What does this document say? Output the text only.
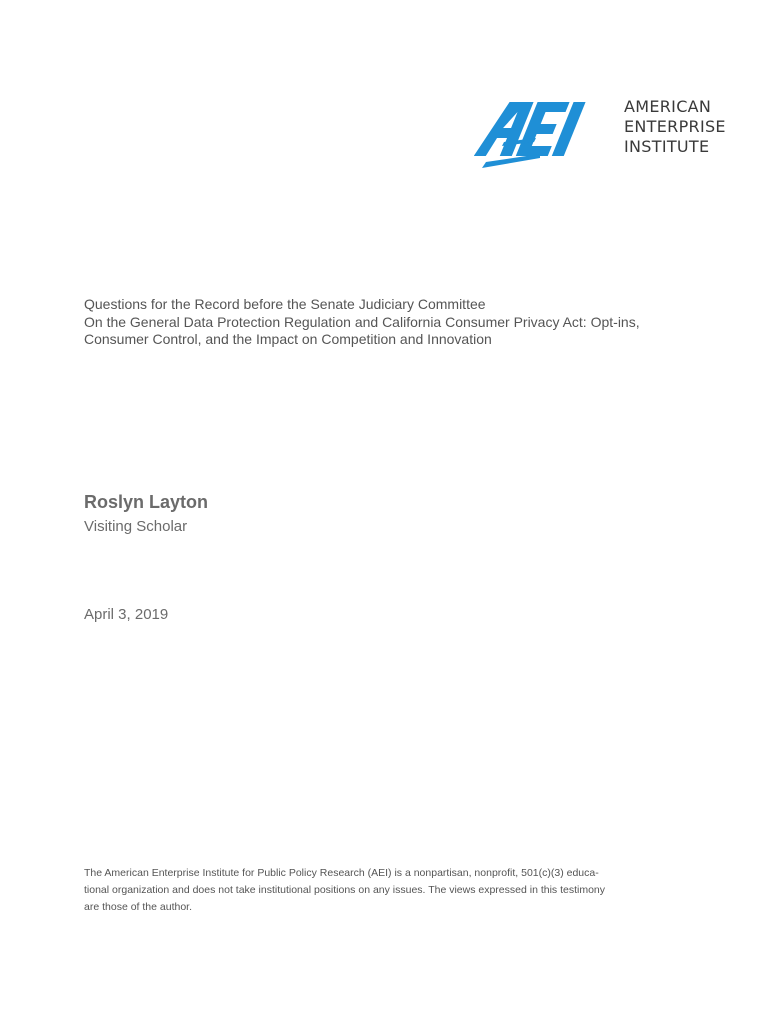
AMERICAN
ENTERPRISE
INSTITUTE
Questions for the Record before the Senate Judiciary Committee
On the General Data Protection Regulation and California Consumer Privacy Act: Opt-ins,
Consumer Control, and the Impact on Competition and Innovation
Roslyn Layton
Visiting Scholar
April 3, 2019
The American Enterprise Institute for Public Policy Research (AEI) is a nonpartisan, nonprofit, 501(c)(3) educa-
tional organization and does not take institutional positions on any issues. The views expressed in this testimony
are those of the author.
